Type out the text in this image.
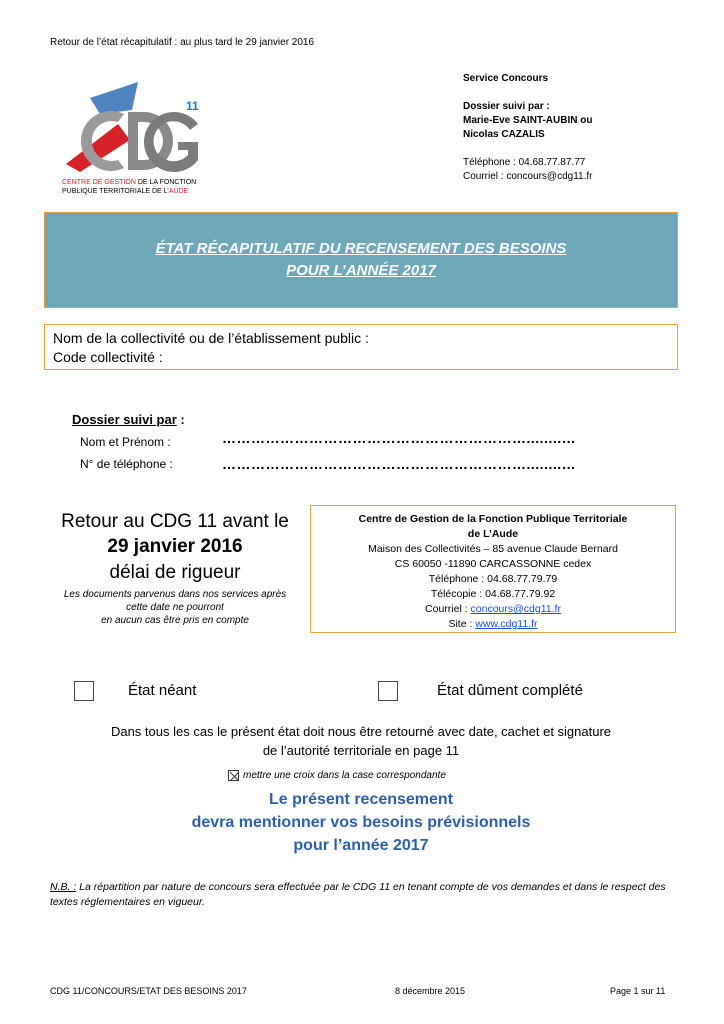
Retour de l’état récapitulatif : au plus tard le 29 janvier 2016
11
CENTRE DE GESTION DE LA FONCTION
PUBLIQUE TERRITORIALE DE L’AUDE
Service Concours
Dossier suivi par :
Marie-Eve SAINT-AUBIN ou
Nicolas CAZALIS
Téléphone : 04.68.77.87.77
Courriel : concours@cdg11.fr
ÉTAT RÉCAPITULATIF DU RECENSEMENT DES BESOINS
POUR L’ANNÉE 2017
Nom de la collectivité ou de l’établissement public :
Code collectivité :
Dossier suivi par :
Nom et Prénom :	………………………………………………………........…
N° de téléphone :	………………………………………………………........…
Retour au CDG 11 avant le
29 janvier 2016
délai de rigueur
Les documents parvenus dans nos services après
cette date ne pourront
en aucun cas être pris en compte
Centre de Gestion de la Fonction Publique Territoriale
de L’Aude
Maison des Collectivités – 85 avenue Claude Bernard
CS 60050 -11890 CARCASSONNE cedex
Téléphone : 04.68.77.79.79
Télécopie : 04.68.77.79.92
Courriel : concours@cdg11.fr
Site : www.cdg11.fr
État néant	État dûment complété
Dans tous les cas le présent état doit nous être retourné avec date, cachet et signature
de l’autorité territoriale en page 11
mettre une croix dans la case correspondante
Le présent recensement
devra mentionner vos besoins prévisionnels
pour l’année 2017
N.B. : La répartition par nature de concours sera effectuée par le CDG 11 en tenant compte de vos demandes et dans le respect des textes réglementaires en vigueur.
CDG 11/CONCOURS/ETAT DES BESOINS 2017	8 décembre 2015	Page 1 sur 11
